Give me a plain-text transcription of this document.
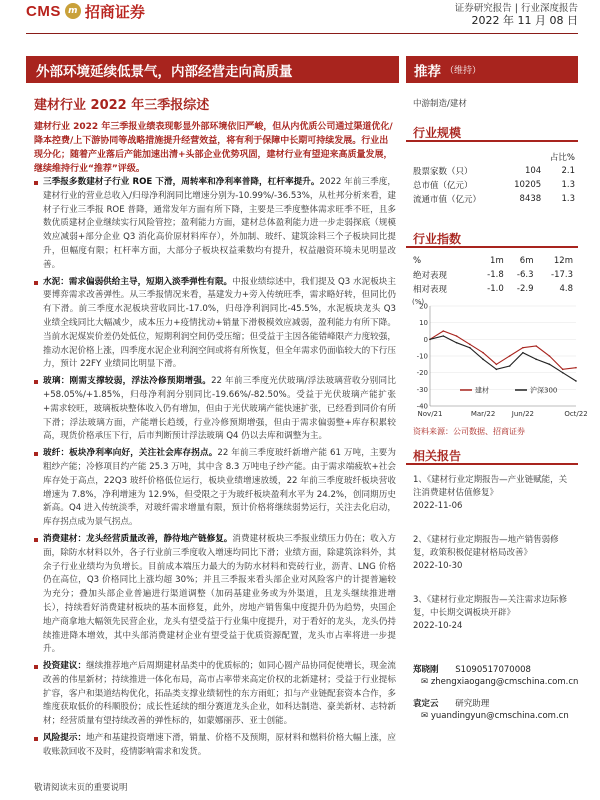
CMS m 招商证券	证券研究报告 | 行业深度报告
2022 年 11 月 08 日
外部环境延续低景气，内部经营走向高质量	推荐 （维持）
建材行业 2022 年三季报综述	中游制造/建材
建材行业 2022 年三季报业绩表现彰显外部环境依旧严峻，但从内优质公司通过渠道优化/降本控费/上下游协同等战略措施提升经营效益，将有利于保障中长期可持续发展。行业出现分化；随着产业落后产能加速出清+头部企业优势巩固，建材行业有望迎来高质量发展，继续维持行业“推荐”评级。
三季报多数建材子行业 ROE 下滑，周转率和净利率普降，杠杆率提升。2022 年前三季度，建材行业的营业总收入/归母净利润同比增速分别为-10.99%/-36.53%，从杜邦分析来看，建材子行业三季报 ROE 普降，通常发年方面有所下降，主要是三季度整体需求旺季不旺，且多数优质建材企业继续实行风险管控；盈利能力方面，建材总体盈利能力进一步走弱探底（规模效应减弱+部分企业 Q3 消化高价原材料库存），外加制、玻纤、建筑涂料三个子板块同比提升，但幅度有限；杠杆率方面，大部分子板块权益乘数均有提升，权益融资环境未见明显改善。
水泥：需求偏弱供给主导，短期入淡季弹性有限。中报业绩综述中，我们提及 Q3 水泥板块主要博弈需求改善弹性。从三季报情况来看，基建发力+旁入传统旺季，需求略好转，但同比仍有下滑。前三季度水泥板块营收同比-17.0%，归母净利润同比-45.5%，水泥板块龙头 Q3 业绩全线同比大幅减少，成本压力+疫情扰动+销量下滑极模效应减弱，盈利能力有所下降。当前水泥煤炭价差仍处低位，短期利润空间仍受压缩；但受益于主因各能错峰限产力度较强，推动水泥价格上涨，四季度水泥企业利润空间或将有所恢复，但全年需求仍面临较大的下行压力，预计 22FY 业绩同比明显下滑。
玻璃：刚需支撑较弱，浮法冷修预期增强。22 年前三季度光伏玻璃/浮法玻璃营收分别同比+58.05%/+1.85%，归母净利润分别同比-19.66%/-82.50%。受益于光伏玻璃产能扩张+需求较旺，玻璃板块整体收入仍有增加，但由于光伏玻璃产能快速扩张，已经看到同价有所下滑；浮法玻璃方面，产能增长趋缓，行业冷修预期增强，但由于需求偏弱整+库存积累较高，现货价格承压下行，后市判断预计浮法玻璃 Q4 仍以去库和调整为主。
玻纤：板块净利率向好，关注社会库存拐点。22 年前三季度玻纤新增产能 61 万吨，主要为粗纱产能；冷修项目约产能 25.3 万吨，其中含 8.3 万吨电子纱产能。由于需求端疲软+社会库存处于高点，22Q3 玻纤价格低位运行，板块业绩增速放缓，22 年前三季度玻纤板块营收增速为 7.8%，净利增速为 12.9%，但受限之于为玻纤板块盈利水平为 24.2%，创同期历史新高。Q4 进入传统淡季，对玻纤需求增量有限，预计价格将继续弱势运行，关注去化启动，库存拐点成为景气拐点。
消费建材：龙头经营质量改善，静待地产链修复。消费建材板块三季报业绩压力仍在；收入方面，除防水材料以外，各子行业前三季度收入增速均同比下滑；业绩方面，除建筑涂料外，其余子行业业绩均为负增长。目前成本端压力最大的为防水材料和瓷砖行业，沥青、LNG 价格仍在高位，Q3 价格同比上涨均超 30%；并且三季报来看头部企业对风险客户的计提普遍较为充分；叠加头部企业普遍进行渠道调整（加码基建业务或为外渠道，且龙头继续推进增长），持续看好消费建材板块的基本面修复，此外，房地产销售集中度提升仍为趋势，央国企地产商拿地大幅领先民营企业，龙头有望受益于行业集中度提升，对于看好的龙头，龙头仍持续推进降本增效，其中头部消费建材企业有望受益于优质资源配置，龙头市占率将进一步提升。
投资建议：继续推荐地产后周期建材品类中的优质标的；如同心圆产品协同促使增长，现金流改善的伟星新材；持续推进一体化布局，高市占率带来高定价权的北新建材；受益于行业提标扩容，客户和渠道结构优化，拓品类支撑业绩韧性的东方雨虹；扣与产业链配套资本合作，多维度获取低价的科顺股份；成长性延续的细分赛道龙头企业，如科达制造、豪美新材、志特新材；经营质量有望持续改善的弹性标的，如蒙娜丽莎、亚士创能。
风险提示：地产和基建投资增速下滑，销量、价格不及预期，原材料和燃料价格大幅上涨，应收账款回收不及时，疫情影响需求和发货。
行业规模
		占比%
股票家数（只）	104	2.1
总市值（亿元）	10205	1.3
流通市值（亿元）	8438	1.3
行业指数
%	1m	6m	12m
绝对表现	-1.8	-6.3	-17.3
相对表现	-1.0	-2.9	4.8
(%)
20
10
0
-10
-20
-30
-40
Nov/21	Mar/22 Jun/22	Oct/22
建材	沪深300
资料来源：公司数据、招商证券
相关报告
1、《建材行业定期报告—产业链赋能，关注消费建材估值修复》
2022-11-06
2、《建材行业定期报告—地产销售弱修复，政策积极促建材格局改善》
2022-10-30
3、《建材行业定期报告—关注需求边际修复，中长期交调板块开辟》
2022-10-24
郑晓刚 S1090517070008
✉ zhengxiaogang@cmschina.com.cn
袁定云 研究助理
✉ yuandingyun@cmschina.com.cn
敬请阅读末页的重要说明
